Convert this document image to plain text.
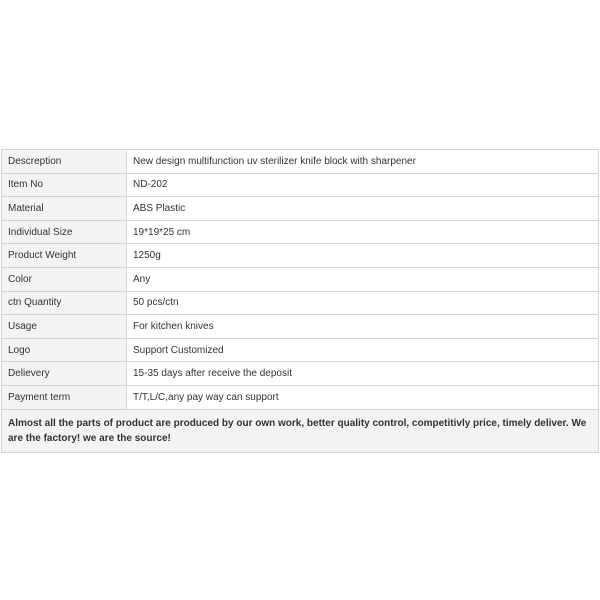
Descreption	New design multifunction uv sterilizer knife block with sharpener
Item No	ND-202
Material	ABS Plastic
Individual Size	19*19*25 cm
Product Weight	1250g
Color	Any
ctn Quantity	50 pcs/ctn
Usage	For kitchen knives
Logo	Support Customized
Delievery	15-35 days after receive the deposit
Payment term	T/T,L/C,any pay way can support
Almost all the parts of product are produced by our own work, better quality control, competitivly price, timely deliver. We are the factory! we are the source!	
